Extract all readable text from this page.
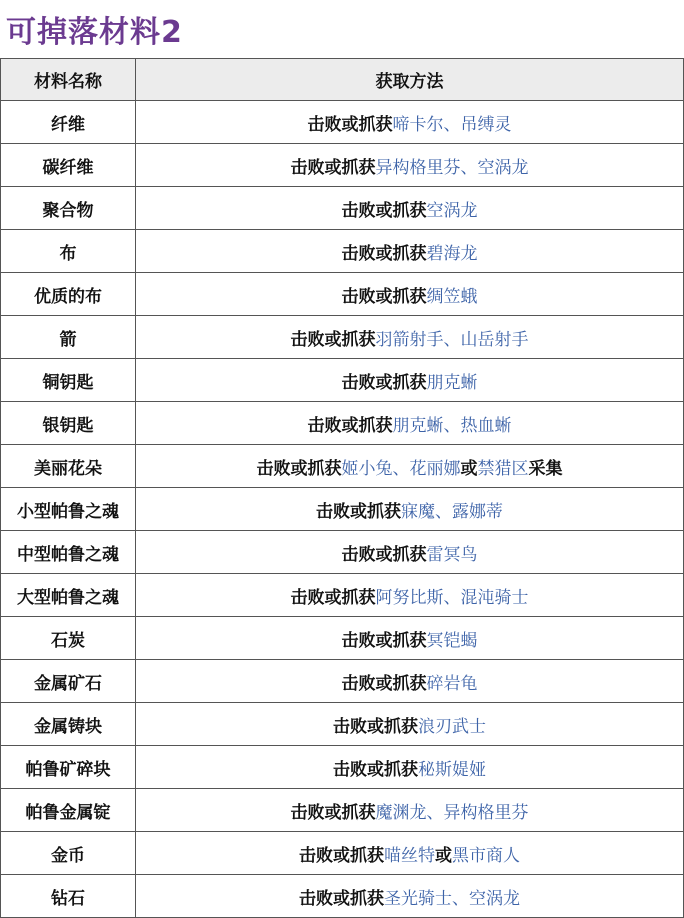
可掉落材料2
材料名称	获取方法
纤维	击败或抓获 啼卡尔、吊缚灵
碳纤维	击败或抓获 异构格里芬、空涡龙
聚合物	击败或抓获 空涡龙
布	击败或抓获 碧海龙
优质的布	击败或抓获 绸笠蛾
箭	击败或抓获 羽箭射手、山岳射手
铜钥匙	击败或抓获 朋克蜥
银钥匙	击败或抓获 朋克蜥、热血蜥
美丽花朵	击败或抓获 姬小兔、花丽娜 或 禁猎区 采集
小型帕鲁之魂	击败或抓获 寐魔、露娜蒂
中型帕鲁之魂	击败或抓获 雷冥鸟
大型帕鲁之魂	击败或抓获 阿努比斯、混沌骑士
石炭	击败或抓获 冥铠蝎
金属矿石	击败或抓获 碎岩龟
金属铸块	击败或抓获 浪刃武士
帕鲁矿碎块	击败或抓获 秘斯媞娅
帕鲁金属锭	击败或抓获 魔渊龙、异构格里芬
金币	击败或抓获 喵丝特 或 黑市商人
钻石	击败或抓获 圣光骑士、空涡龙
